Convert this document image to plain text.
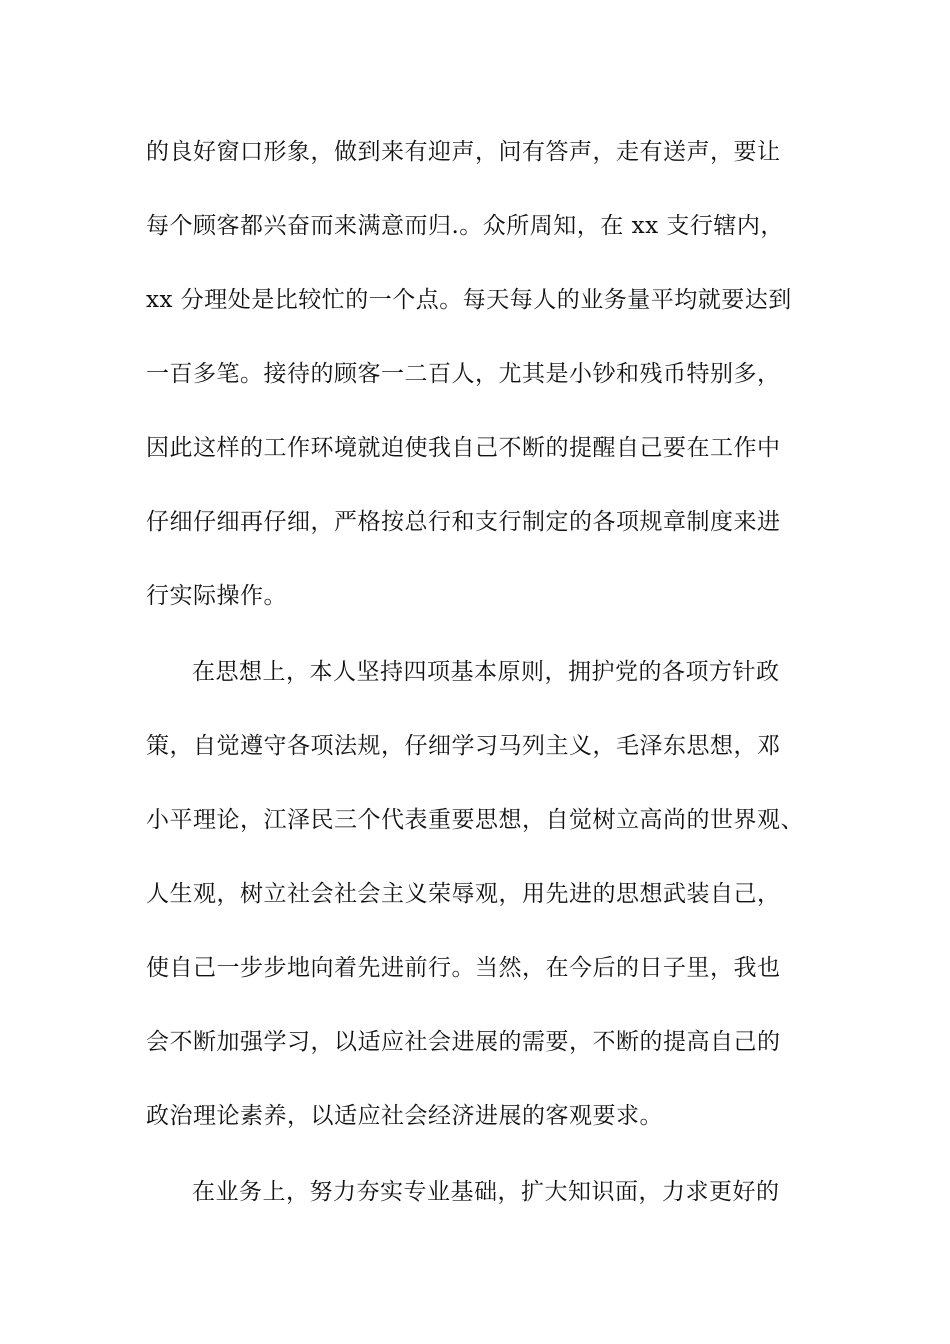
的良好窗口形象，做到来有迎声，问有答声，走有送声，要让
每个顾客都兴奋而来满意而归.。众所周知，在 xx 支行辖内，
xx 分理处是比较忙的一个点。每天每人的业务量平均就要达到
一百多笔。接待的顾客一二百人，尤其是小钞和残币特别多，
因此这样的工作环境就迫使我自己不断的提醒自己要在工作中
仔细仔细再仔细，严格按总行和支行制定的各项规章制度来进
行实际操作。
在思想上，本人坚持四项基本原则，拥护党的各项方针政
策，自觉遵守各项法规，仔细学习马列主义，毛泽东思想，邓
小平理论，江泽民三个代表重要思想，自觉树立高尚的世界观、
人生观，树立社会社会主义荣辱观，用先进的思想武装自己，
使自己一步步地向着先进前行。当然，在今后的日子里，我也
会不断加强学习，以适应社会进展的需要，不断的提高自己的
政治理论素养，以适应社会经济进展的客观要求。
在业务上，努力夯实专业基础，扩大知识面，力求更好的
